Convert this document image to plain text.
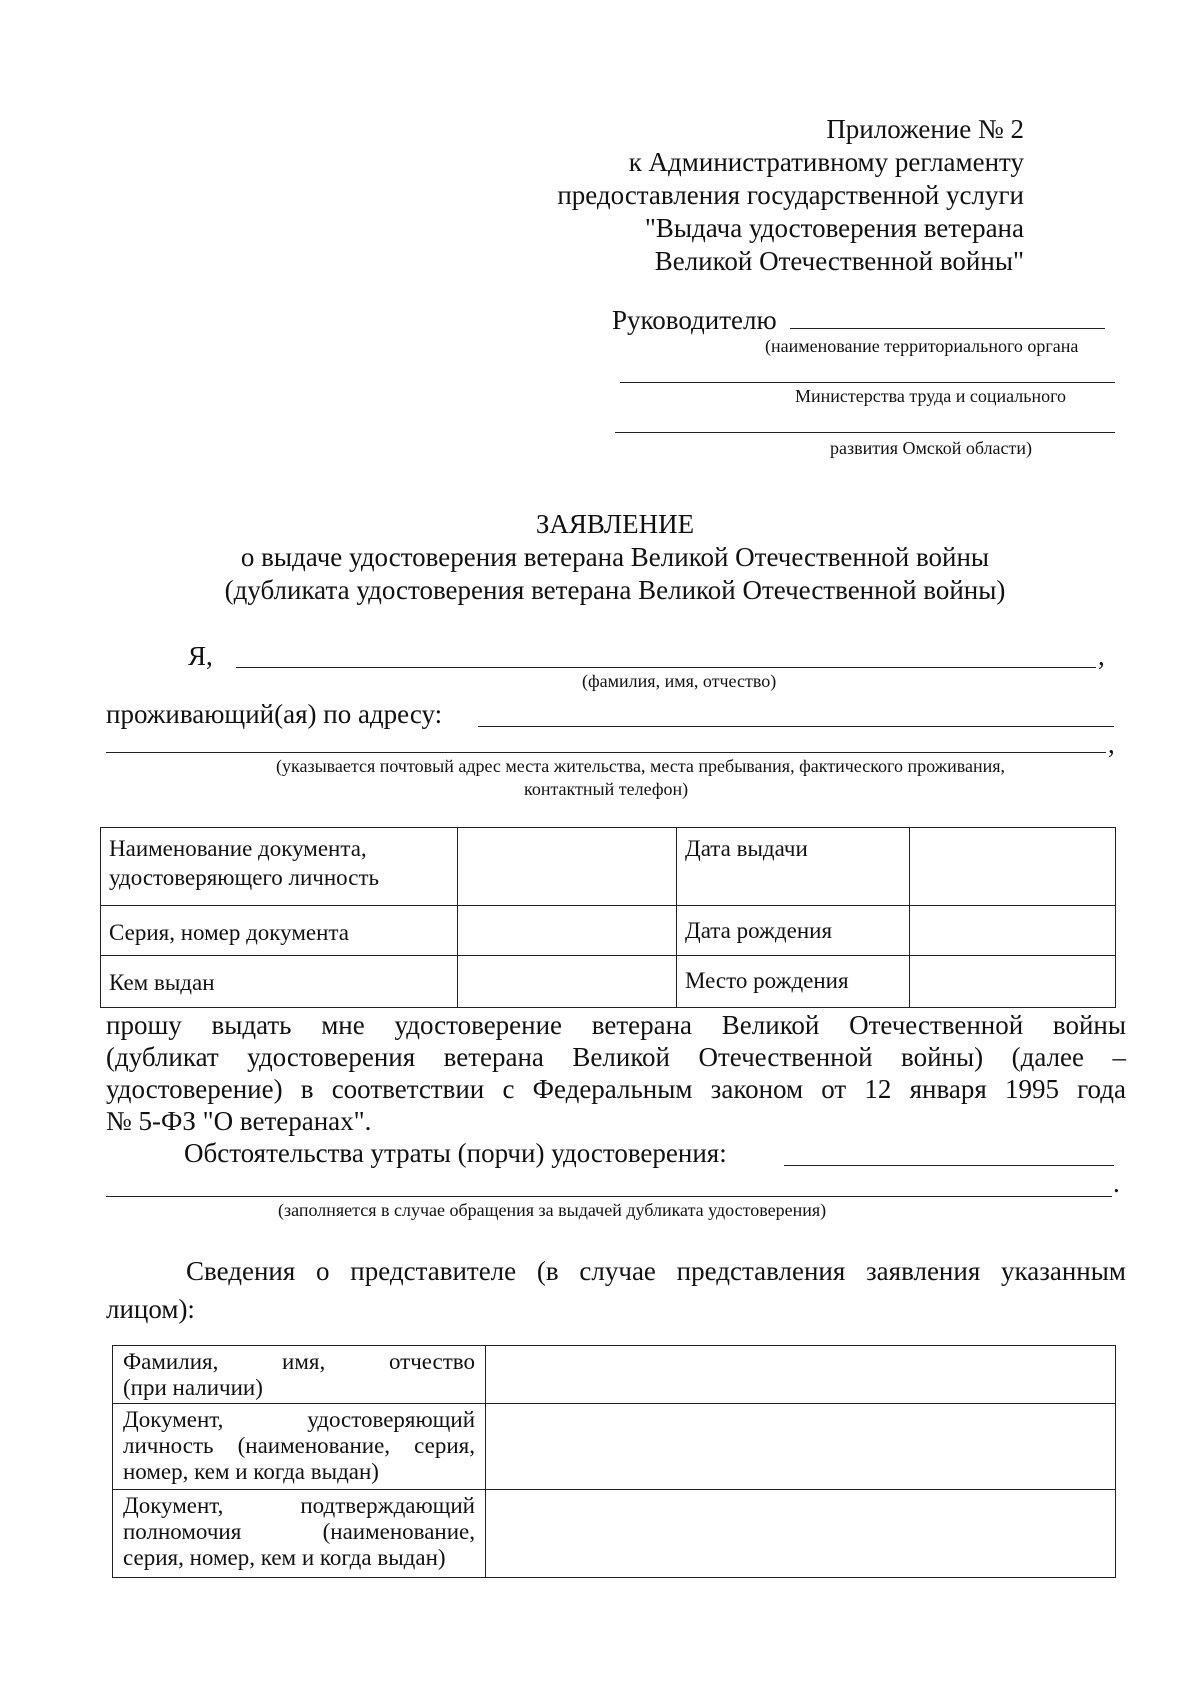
Приложение № 2
к Административному регламенту
предоставления государственной услуги
"Выдача удостоверения ветерана
Великой Отечественной войны"
Руководителю
(наименование территориального органа
Министерства труда и социального
развития Омской области)
ЗАЯВЛЕНИЕ
о выдаче удостоверения ветерана Великой Отечественной войны
(дубликата удостоверения ветерана Великой Отечественной войны)
Я,	,
(фамилия, имя, отчество)
проживающий(ая) по адресу:
,
(указывается почтовый адрес места жительства, места пребывания, фактического проживания,
контактный телефон)
Наименование документа, удостоверяющего личность		Дата выдачи	
Серия, номер документа		Дата рождения	
Кем выдан		Место рождения	
прошу выдать мне удостоверение ветерана Великой Отечественной войны
(дубликат удостоверения ветерана Великой Отечественной войны) (далее –
удостоверение) в соответствии с Федеральным законом от 12 января 1995 года
№ 5-ФЗ "О ветеранах".
Обстоятельства утраты (порчи) удостоверения:
.
(заполняется в случае обращения за выдачей дубликата удостоверения)
Сведения о представителе (в случае представления заявления указанным
лицом):
Фамилия, имя, отчество
(при наличии)	

Документ, удостоверяющий
личность (наименование, серия,
номер, кем и когда выдан)	

Документ, подтверждающий
полномочия (наименование,
серия, номер, кем и когда выдан)	
